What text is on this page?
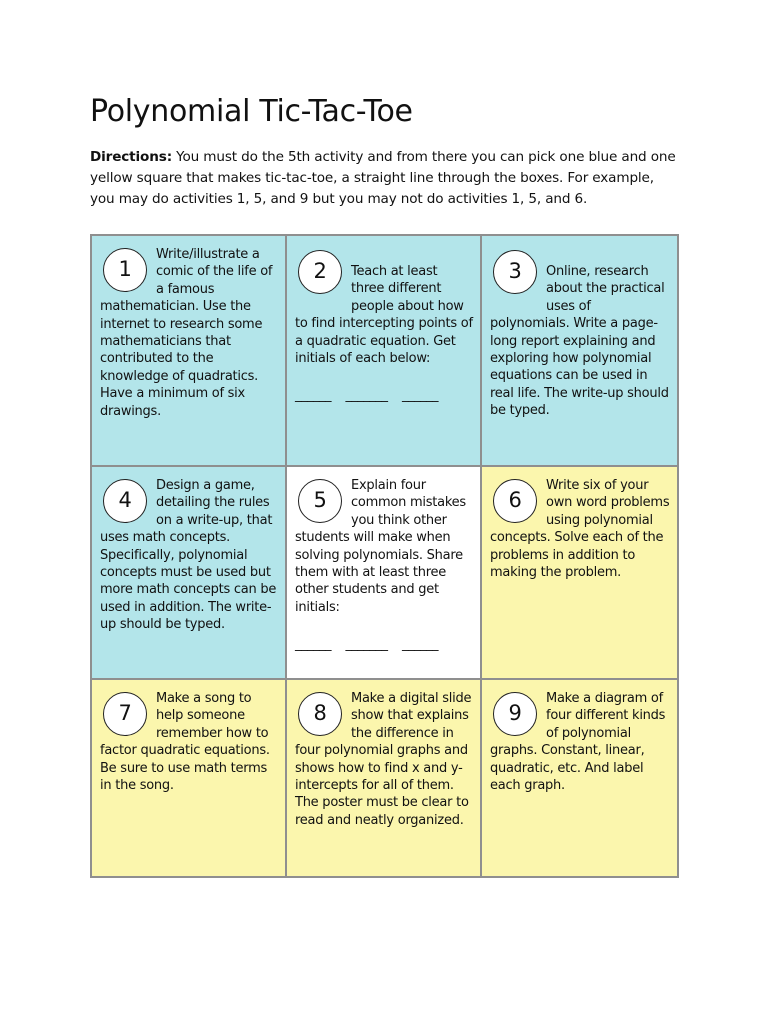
Polynomial Tic-Tac-Toe

Directions: You must do the 5th activity and from there you can pick one blue and one yellow square that makes tic-tac-toe, a straight line through the boxes. For example, you may do activities 1, 5, and 9 but you may not do activities 1, 5, and 6.

1
Write/illustrate a comic of the life of a famous mathematician. Use the internet to research some mathematicians that contributed to the knowledge of quadratics. Have a minimum of six drawings.
2	Teach at least three different people about how to find intercepting points of a quadratic equation. Get initials of each below:
______    _______    ______
3	Online, research about the practical uses of polynomials. Write a page-long report explaining and exploring how polynomial equations can be used in real life. The write-up should be typed.
4
Design a game, detailing the rules on a write-up, that uses math concepts. Specifically, polynomial concepts must be used but more math concepts can be used in addition. The write-up should be typed.
5
Explain four common mistakes you think other students will make when solving polynomials. Share them with at least three other students and get initials:
______    _______    ______
6
Write six of your own word problems using polynomial concepts. Solve each of the problems in addition to making the problem.
7
Make a song to help someone remember how to factor quadratic equations. Be sure to use math terms in the song.
8
Make a digital slide show that explains the difference in four polynomial graphs and shows how to find x and y-intercepts for all of them. The poster must be clear to read and neatly organized.
9
Make a diagram of four different kinds of polynomial graphs. Constant, linear, quadratic, etc. And label each graph.
